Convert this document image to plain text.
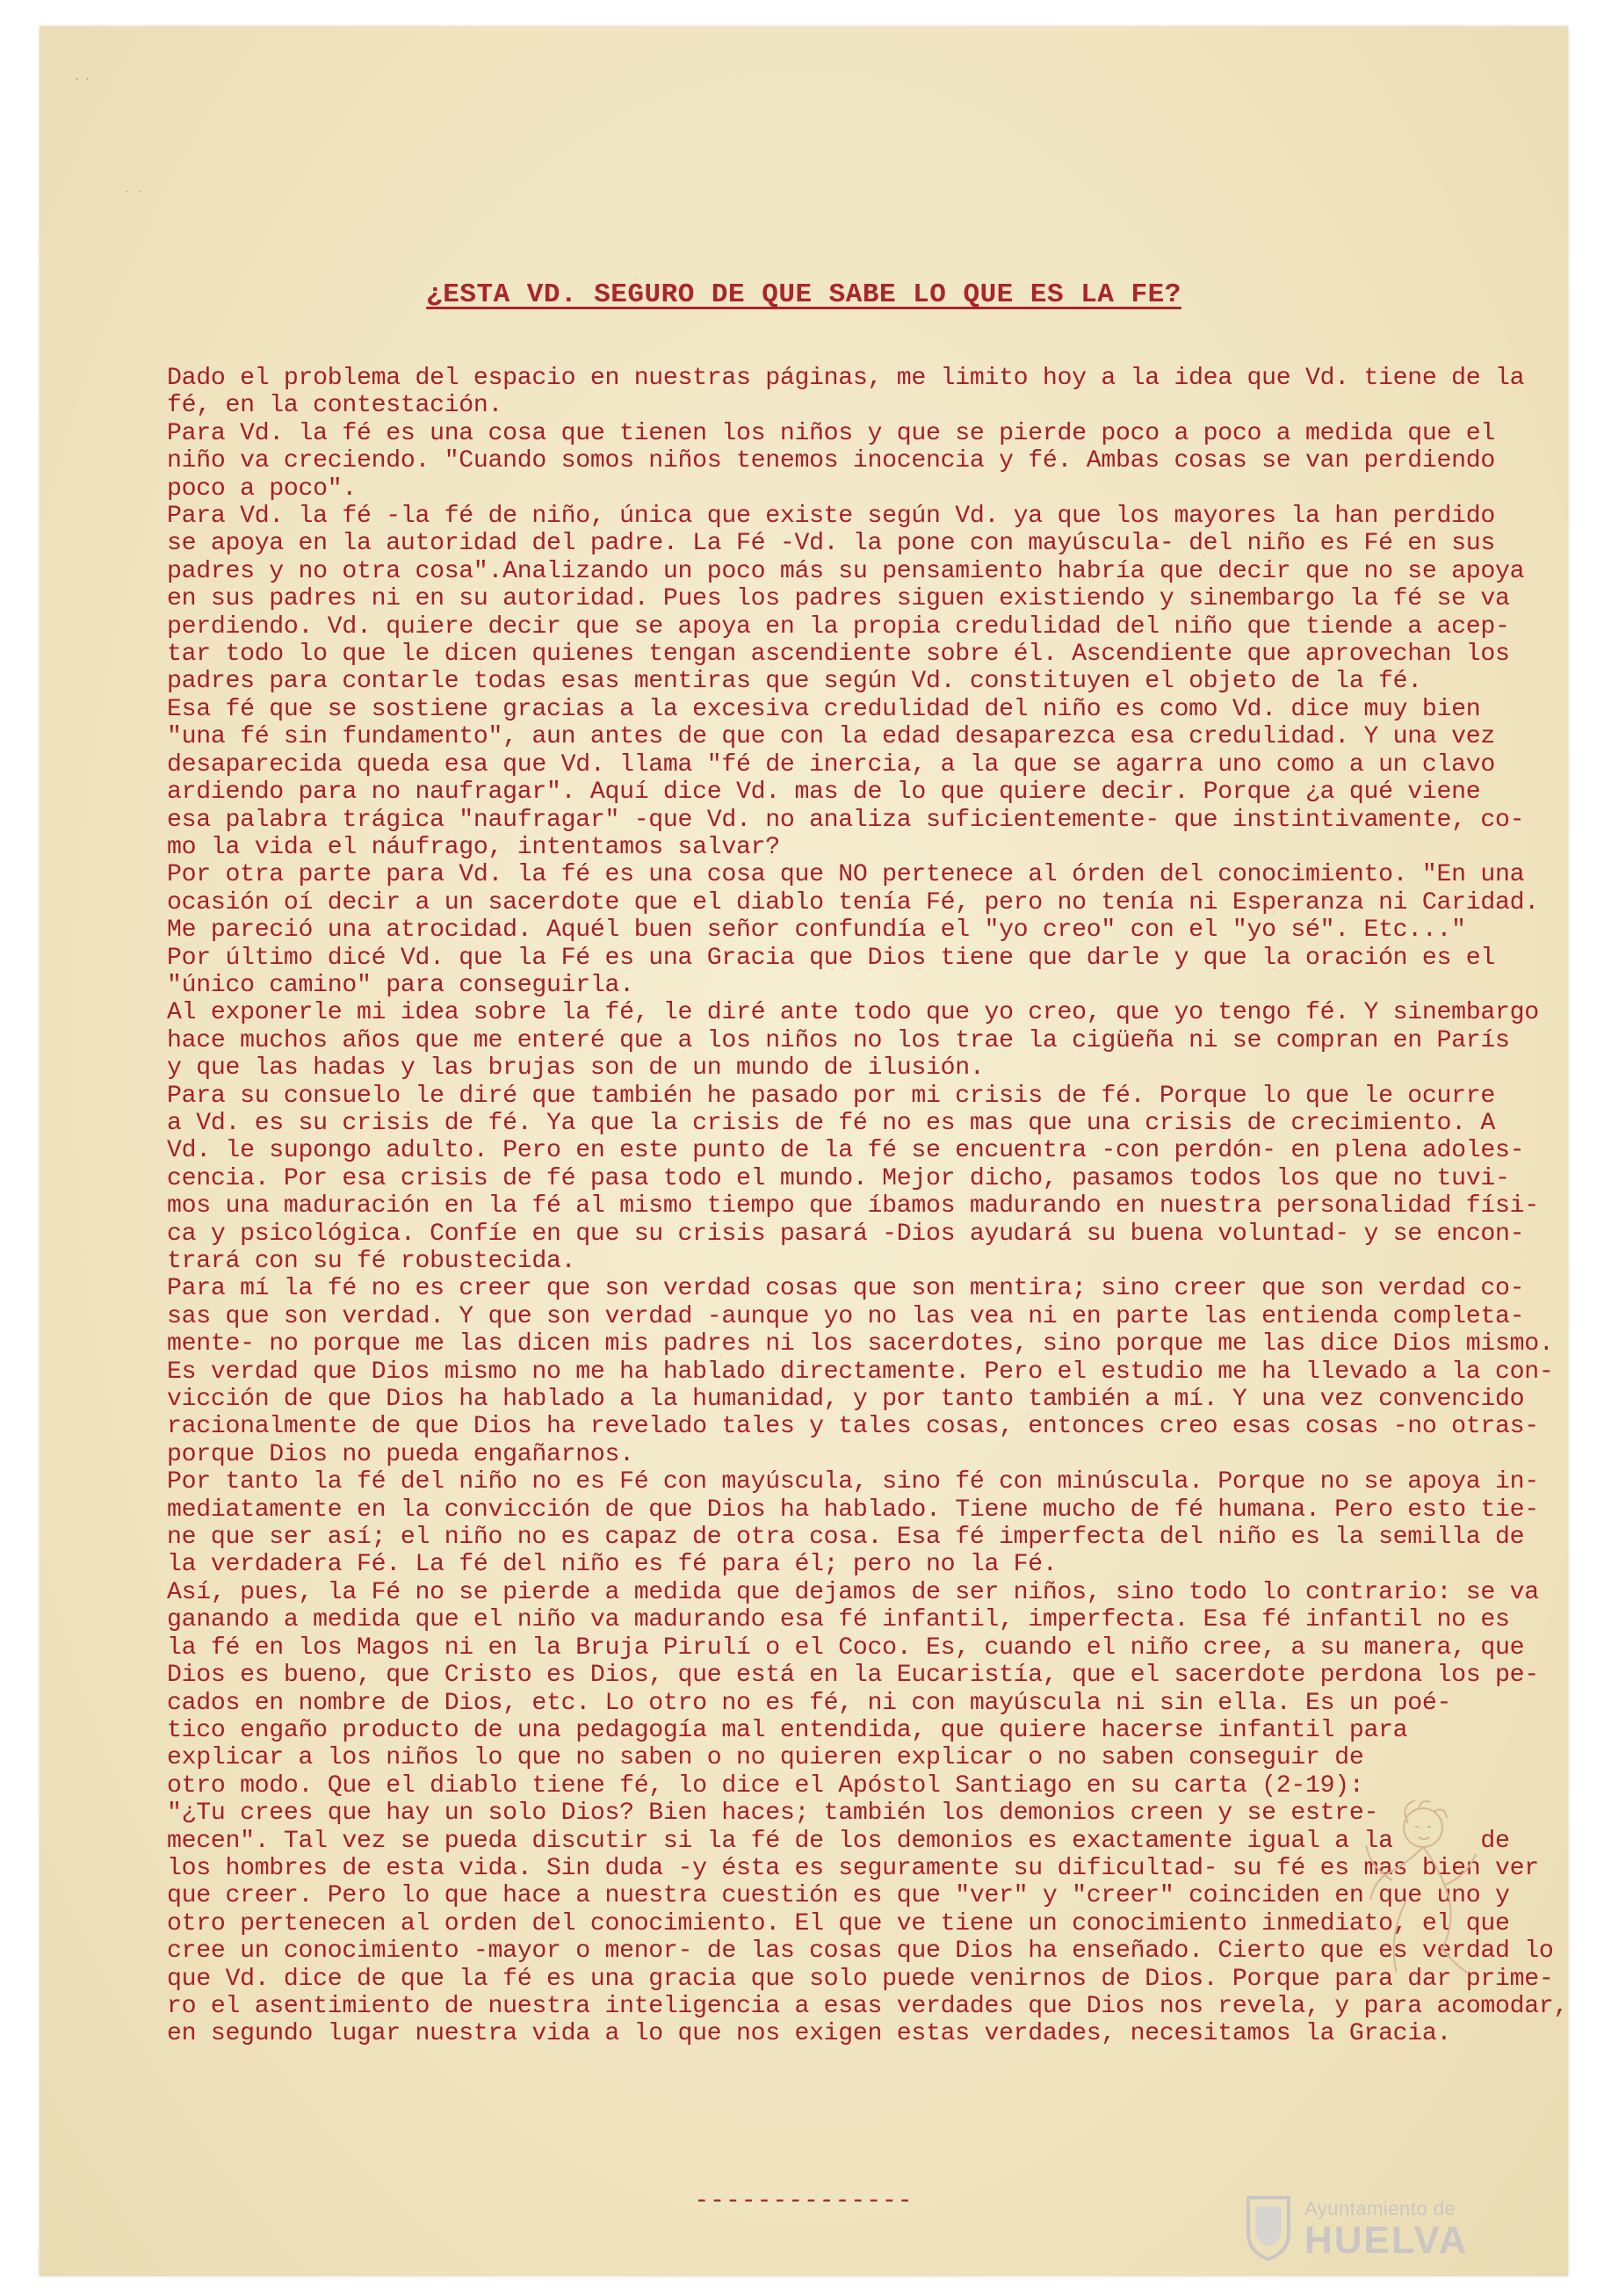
· ·
˙ ˙
¿ESTA VD. SEGURO DE QUE SABE LO QUE ES LA FE?
Dado el problema del espacio en nuestras páginas, me limito hoy a la idea que Vd. tiene de la
fé, en la contestación.
Para Vd. la fé es una cosa que tienen los niños y que se pierde poco a poco a medida que el
niño va creciendo. "Cuando somos niños tenemos inocencia y fé. Ambas cosas se van perdiendo
poco a poco".
Para Vd. la fé -la fé de niño, única que existe según Vd. ya que los mayores la han perdido
se apoya en la autoridad del padre. La Fé -Vd. la pone con mayúscula- del niño es Fé en sus
padres y no otra cosa".Analizando un poco más su pensamiento habría que decir que no se apoya
en sus padres ni en su autoridad. Pues los padres siguen existiendo y sinembargo la fé se va
perdiendo. Vd. quiere decir que se apoya en la propia credulidad del niño que tiende a acep-
tar todo lo que le dicen quienes tengan ascendiente sobre él. Ascendiente que aprovechan los
padres para contarle todas esas mentiras que según Vd. constituyen el objeto de la fé.
Esa fé que se sostiene gracias a la excesiva credulidad del niño es como Vd. dice muy bien
"una fé sin fundamento", aun antes de que con la edad desaparezca esa credulidad. Y una vez
desaparecida queda esa que Vd. llama "fé de inercia, a la que se agarra uno como a un clavo
ardiendo para no naufragar". Aquí dice Vd. mas de lo que quiere decir. Porque ¿a qué viene
esa palabra trágica "naufragar" -que Vd. no analiza suficientemente- que instintivamente, co-
mo la vida el náufrago, intentamos salvar?
Por otra parte para Vd. la fé es una cosa que NO pertenece al órden del conocimiento. "En una
ocasión oí decir a un sacerdote que el diablo tenía Fé, pero no tenía ni Esperanza ni Caridad.
Me pareció una atrocidad. Aquél buen señor confundía el "yo creo" con el "yo sé". Etc..."
Por último dicé Vd. que la Fé es una Gracia que Dios tiene que darle y que la oración es el
"único camino" para conseguirla.
Al exponerle mi idea sobre la fé, le diré ante todo que yo creo, que yo tengo fé. Y sinembargo
hace muchos años que me enteré que a los niños no los trae la cigüeña ni se compran en París
y que las hadas y las brujas son de un mundo de ilusión.
Para su consuelo le diré que también he pasado por mi crisis de fé. Porque lo que le ocurre
a Vd. es su crisis de fé. Ya que la crisis de fé no es mas que una crisis de crecimiento. A
Vd. le supongo adulto. Pero en este punto de la fé se encuentra -con perdón- en plena adoles-
cencia. Por esa crisis de fé pasa todo el mundo. Mejor dicho, pasamos todos los que no tuvi-
mos una maduración en la fé al mismo tiempo que íbamos madurando en nuestra personalidad físi-
ca y psicológica. Confíe en que su crisis pasará -Dios ayudará su buena voluntad- y se encon-
trará con su fé robustecida.
Para mí la fé no es creer que son verdad cosas que son mentira; sino creer que son verdad co-
sas que son verdad. Y que son verdad -aunque yo no las vea ni en parte las entienda completa-
mente- no porque me las dicen mis padres ni los sacerdotes, sino porque me las dice Dios mismo.
Es verdad que Dios mismo no me ha hablado directamente. Pero el estudio me ha llevado a la con-
vicción de que Dios ha hablado a la humanidad, y por tanto también a mí. Y una vez convencido
racionalmente de que Dios ha revelado tales y tales cosas, entonces creo esas cosas -no otras-
porque Dios no pueda engañarnos.
Por tanto la fé del niño no es Fé con mayúscula, sino fé con minúscula. Porque no se apoya in-
mediatamente en la convicción de que Dios ha hablado. Tiene mucho de fé humana. Pero esto tie-
ne que ser así; el niño no es capaz de otra cosa. Esa fé imperfecta del niño es la semilla de
la verdadera Fé. La fé del niño es fé para él; pero no la Fé.
Así, pues, la Fé no se pierde a medida que dejamos de ser niños, sino todo lo contrario: se va
ganando a medida que el niño va madurando esa fé infantil, imperfecta. Esa fé infantil no es
la fé en los Magos ni en la Bruja Pirulí o el Coco. Es, cuando el niño cree, a su manera, que
Dios es bueno, que Cristo es Dios, que está en la Eucaristía, que el sacerdote perdona los pe-
cados en nombre de Dios, etc. Lo otro no es fé, ni con mayúscula ni sin ella. Es un poé-
tico engaño producto de una pedagogía mal entendida, que quiere hacerse infantil para
explicar a los niños lo que no saben o no quieren explicar o no saben conseguir de
otro modo. Que el diablo tiene fé, lo dice el Apóstol Santiago en su carta (2-19):
"¿Tu crees que hay un solo Dios? Bien haces; también los demonios creen y se estre-
mecen". Tal vez se pueda discutir si la fé de los demonios es exactamente igual a la      de
los hombres de esta vida. Sin duda -y ésta es seguramente su dificultad- su fé es mas bien ver
que creer. Pero lo que hace a nuestra cuestión es que "ver" y "creer" coinciden en que uno y
otro pertenecen al orden del conocimiento. El que ve tiene un conocimiento inmediato, el que
cree un conocimiento -mayor o menor- de las cosas que Dios ha enseñado. Cierto que es verdad lo
que Vd. dice de que la fé es una gracia que solo puede venirnos de Dios. Porque para dar prime-
ro el asentimiento de nuestra inteligencia a esas verdades que Dios nos revela, y para acomodar,
en segundo lugar nuestra vida a lo que nos exigen estas verdades, necesitamos la Gracia.
--------------	Ayuntamiento de
HUELVA
